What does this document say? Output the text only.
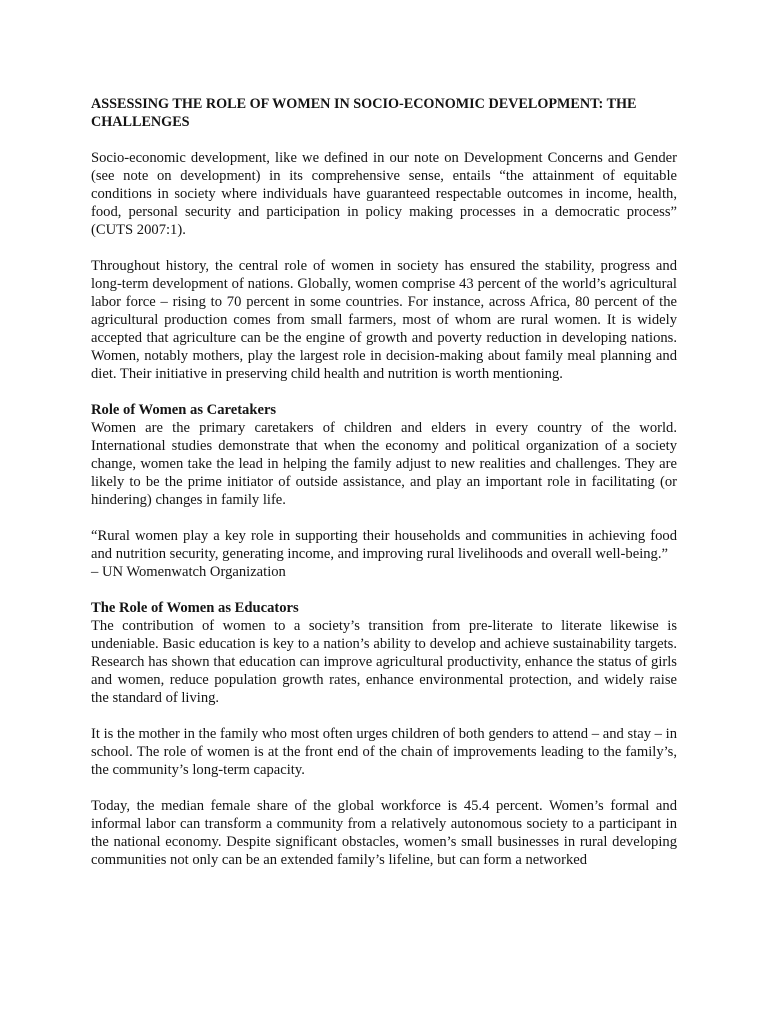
ASSESSING THE ROLE OF WOMEN IN SOCIO-ECONOMIC DEVELOPMENT: THE CHALLENGES

Socio-economic development, like we defined in our note on Development Concerns and Gender (see note on development) in its comprehensive sense, entails “the attainment of equitable conditions in society where individuals have guaranteed respectable outcomes in income, health, food, personal security and participation in policy making processes in a democratic process” (CUTS 2007:1).

Throughout history, the central role of women in society has ensured the stability, progress and long-term development of nations. Globally, women comprise 43 percent of the world’s agricultural labor force – rising to 70 percent in some countries. For instance, across Africa, 80 percent of the agricultural production comes from small farmers, most of whom are rural women. It is widely accepted that agriculture can be the engine of growth and poverty reduction in developing nations. Women, notably mothers, play the largest role in decision-making about family meal planning and diet. Their initiative in preserving child health and nutrition is worth mentioning.

Role of Women as Caretakers

Women are the primary caretakers of children and elders in every country of the world. International studies demonstrate that when the economy and political organization of a society change, women take the lead in helping the family adjust to new realities and challenges. They are likely to be the prime initiator of outside assistance, and play an important role in facilitating (or hindering) changes in family life.

“Rural women play a key role in supporting their households and communities in achieving food and nutrition security, generating income, and improving rural livelihoods and overall well-being.”

– UN Womenwatch Organization
The Role of Women as Educators

The contribution of women to a society’s transition from pre-literate to literate likewise is undeniable. Basic education is key to a nation’s ability to develop and achieve sustainability targets. Research has shown that education can improve agricultural productivity, enhance the status of girls and women, reduce population growth rates, enhance environmental protection, and widely raise the standard of living.

It is the mother in the family who most often urges children of both genders to attend – and stay – in school. The role of women is at the front end of the chain of improvements leading to the family’s, the community’s long-term capacity.

Today, the median female share of the global workforce is 45.4 percent. Women’s formal and informal labor can transform a community from a relatively autonomous society to a participant in the national economy. Despite significant obstacles, women’s small businesses in rural developing communities not only can be an extended family’s lifeline, but can form a networked
